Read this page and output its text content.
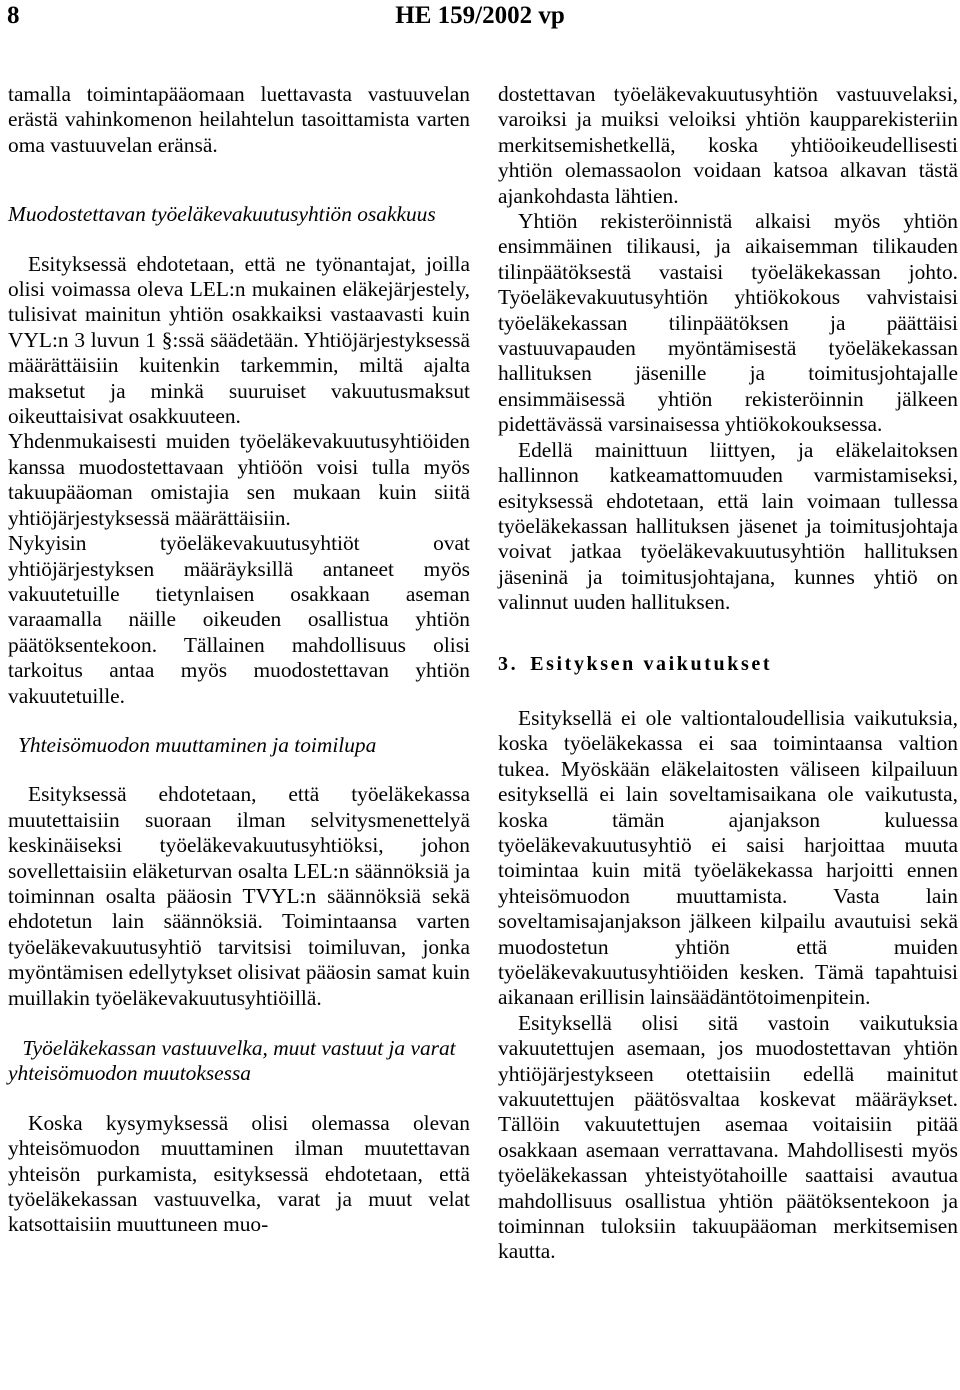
8	HE 159/2002 vp

tamalla toimintapääomaan luettavasta vastuuvelan erästä vahinkomenon heilahtelun tasoittamista varten oma vastuuvelan eränsä.

Muodostettavan työeläkevakuutusyhtiön osakkuus

Esityksessä ehdotetaan, että ne työnantajat, joilla olisi voimassa oleva LEL:n mukainen eläkejärjestely, tulisivat mainitun yhtiön osakkaiksi vastaavasti kuin VYL:n 3 luvun 1 §:ssä säädetään. Yhtiöjärjestyksessä määrättäisiin kuitenkin tarkemmin, miltä ajalta maksetut ja minkä suuruiset vakuutusmaksut oikeuttaisivat osakkuuteen.

Yhdenmukaisesti muiden työeläkevakuutusyhtiöiden kanssa muodostettavaan yhtiöön voisi tulla myös takuupääoman omistajia sen mukaan kuin siitä yhtiöjärjestyksessä määrättäisiin.

Nykyisin työeläkevakuutusyhtiöt ovat yhtiöjärjestyksen määräyksillä antaneet myös vakuutetuille tietynlaisen osakkaan aseman varaamalla näille oikeuden osallistua yhtiön päätöksentekoon. Tällainen mahdollisuus olisi tarkoitus antaa myös muodostettavan yhtiön vakuutetuille.

Yhteisömuodon muuttaminen ja toimilupa

Esityksessä ehdotetaan, että työeläkekassa muutettaisiin suoraan ilman selvitysmenettelyä keskinäiseksi työeläkevakuutusyhtiöksi, johon sovellettaisiin eläketurvan osalta LEL:n säännöksiä ja toiminnan osalta pääosin TVYL:n säännöksiä sekä ehdotetun lain säännöksiä. Toimintaansa varten työeläkevakuutusyhtiö tarvitsisi toimiluvan, jonka myöntämisen edellytykset olisivat pääosin samat kuin muillakin työeläkevakuutusyhtiöillä.

Työeläkekassan vastuuvelka, muut vastuut ja varat yhteisömuodon muutoksessa

Koska kysymyksessä olisi olemassa olevan yhteisömuodon muuttaminen ilman muutettavan yhteisön purkamista, esityksessä ehdotetaan, että työeläkekassan vastuuvelka, varat ja muut velat katsottaisiin muuttuneen muo-

dostettavan työeläkevakuutusyhtiön vastuuvelaksi, varoiksi ja muiksi veloiksi yhtiön kaupparekisteriin merkitsemishetkellä, koska yhtiöoikeudellisesti yhtiön olemassaolon voidaan katsoa alkavan tästä ajankohdasta lähtien.

Yhtiön rekisteröinnistä alkaisi myös yhtiön ensimmäinen tilikausi, ja aikaisemman tilikauden tilinpäätöksestä vastaisi työeläkekassan johto. Työeläkevakuutusyhtiön yhtiökokous vahvistaisi työeläkekassan tilinpäätöksen ja päättäisi vastuuvapauden myöntämisestä työeläkekassan hallituksen jäsenille ja toimitusjohtajalle ensimmäisessä yhtiön rekisteröinnin jälkeen pidettävässä varsinaisessa yhtiökokouksessa.

Edellä mainittuun liittyen, ja eläkelaitoksen hallinnon katkeamattomuuden varmistamiseksi, esityksessä ehdotetaan, että lain voimaan tullessa työeläkekassan hallituksen jäsenet ja toimitusjohtaja voivat jatkaa työeläkevakuutusyhtiön hallituksen jäseninä ja toimitusjohtajana, kunnes yhtiö on valinnut uuden hallituksen.

3. Esityksen vaikutukset

Esityksellä ei ole valtiontaloudellisia vaikutuksia, koska työeläkekassa ei saa toimintaansa valtion tukea. Myöskään eläkelaitosten väliseen kilpailuun esityksellä ei lain soveltamisaikana ole vaikutusta, koska tämän ajanjakson kuluessa työeläkevakuutusyhtiö ei saisi harjoittaa muuta toimintaa kuin mitä työeläkekassa harjoitti ennen yhteisömuodon muuttamista. Vasta lain soveltamisajanjakson jälkeen kilpailu avautuisi sekä muodostetun yhtiön että muiden työeläkevakuutusyhtiöiden kesken. Tämä tapahtuisi aikanaan erillisin lainsäädäntötoimenpitein.

Esityksellä olisi sitä vastoin vaikutuksia vakuutettujen asemaan, jos muodostettavan yhtiön yhtiöjärjestykseen otettaisiin edellä mainitut vakuutettujen päätösvaltaa koskevat määräykset. Tällöin vakuutettujen asemaa voitaisiin pitää osakkaan asemaan verrattavana. Mahdollisesti myös työeläkekassan yhteistyötahoille saattaisi avautua mahdollisuus osallistua yhtiön päätöksentekoon ja toiminnan tuloksiin takuupääoman merkitsemisen kautta.
